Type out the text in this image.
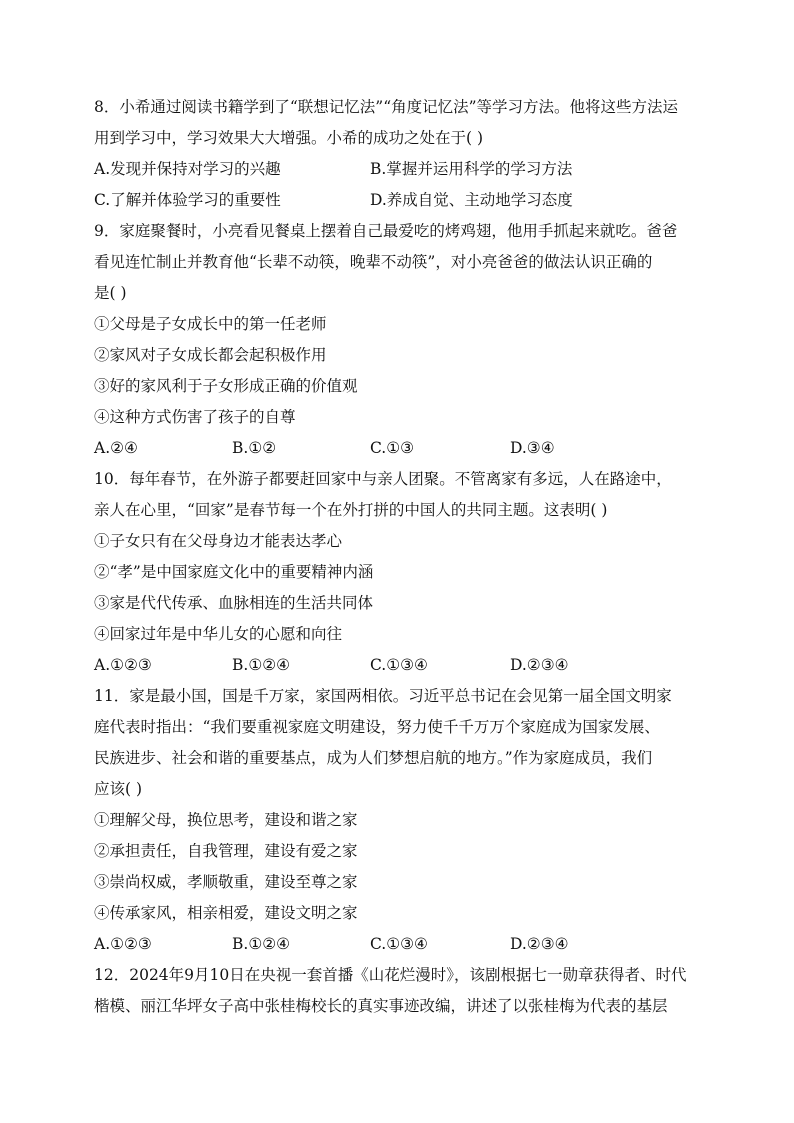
8．小希通过阅读书籍学到了“联想记忆法”“角度记忆法”等学习方法。他将这些方法运
用到学习中，学习效果大大增强。小希的成功之处在于( )
A.发现并保持对学习的兴趣	B.掌握并运用科学的学习方法
C.了解并体验学习的重要性	D.养成自觉、主动地学习态度
9．家庭聚餐时，小亮看见餐桌上摆着自己最爱吃的烤鸡翅，他用手抓起来就吃。爸爸
看见连忙制止并教育他“长辈不动筷，晚辈不动筷”，对小亮爸爸的做法认识正确的
是( )
①父母是子女成长中的第一任老师
②家风对子女成长都会起积极作用
③好的家风利于子女形成正确的价值观
④这种方式伤害了孩子的自尊
A.②④	B.①②	C.①③	D.③④
10．每年春节，在外游子都要赶回家中与亲人团聚。不管离家有多远，人在路途中，
亲人在心里，“回家”是春节每一个在外打拼的中国人的共同主题。这表明( )
①子女只有在父母身边才能表达孝心
②“孝”是中国家庭文化中的重要精神内涵
③家是代代传承、血脉相连的生活共同体
④回家过年是中华儿女的心愿和向往
A.①②③	B.①②④	C.①③④	D.②③④
11．家是最小国，国是千万家，家国两相依。习近平总书记在会见第一届全国文明家
庭代表时指出：“我们要重视家庭文明建设，努力使千千万万个家庭成为国家发展、
民族进步、社会和谐的重要基点，成为人们梦想启航的地方。”作为家庭成员，我们
应该( )
①理解父母，换位思考，建设和谐之家
②承担责任，自我管理，建设有爱之家
③崇尚权威，孝顺敬重，建设至尊之家
④传承家风，相亲相爱，建设文明之家
A.①②③	B.①②④	C.①③④	D.②③④
12．2024年9月10日在央视一套首播《山花烂漫时》，该剧根据七一勋章获得者、时代
楷模、丽江华坪女子高中张桂梅校长的真实事迹改编，讲述了以张桂梅为代表的基层
